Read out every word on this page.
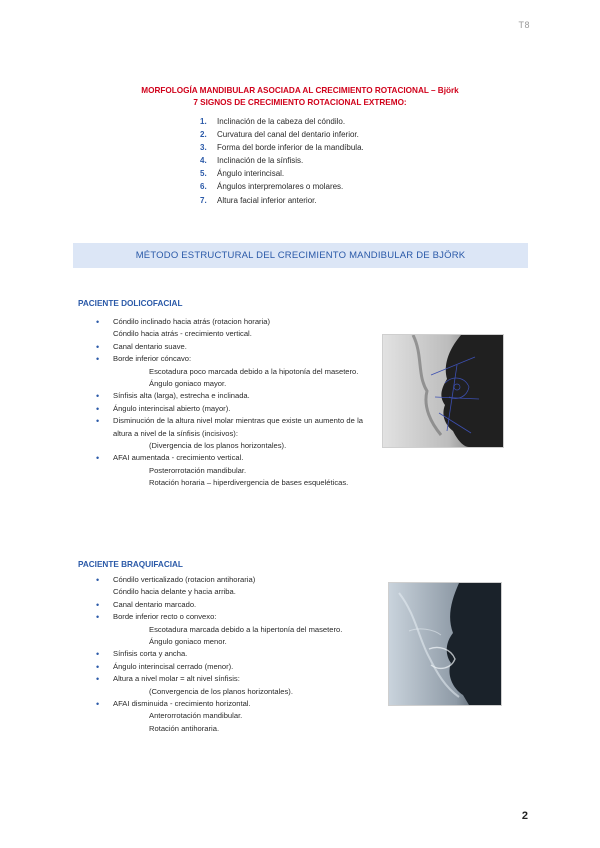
T8
MORFOLOGÍA MANDIBULAR ASOCIADA AL CRECIMIENTO ROTACIONAL – Björk
7 SIGNOS DE CRECIMIENTO ROTACIONAL EXTREMO:
1. Inclinación de la cabeza del cóndilo.
2. Curvatura del canal del dentario inferior.
3. Forma del borde inferior de la mandíbula.
4. Inclinación de la sínfisis.
5. Ángulo interincisal.
6. Ángulos interpremolares o molares.
7. Altura facial inferior anterior.
MÉTODO ESTRUCTURAL DEL CRECIMIENTO MANDIBULAR DE BJÖRK
PACIENTE DOLICOFACIAL
• Cóndilo inclinado hacia atrás (rotacion horaria)
Cóndilo hacia atrás - crecimiento vertical.
• Canal dentario suave.
• Borde inferior cóncavo:
Escotadura poco marcada debido a la hipotonía del masetero.
Ángulo goniaco mayor.
• Sínfisis alta (larga), estrecha e inclinada.
• Ángulo interincisal abierto (mayor).
• Disminución de la altura nivel molar mientras que existe un aumento de la altura a nivel de la sínfisis (incisivos):
(Divergencia de los planos horizontales).
• AFAI aumentada - crecimiento vertical.
Posterorrotación mandibular.
Rotación horaria – hiperdivergencia de bases esqueléticas.
PACIENTE BRAQUIFACIAL
• Cóndilo verticalizado (rotacion antihoraria)
Cóndilo hacia delante y hacia arriba.
• Canal dentario marcado.
• Borde inferior recto o convexo:
Escotadura marcada debido a la hipertonía del masetero.
Ángulo goniaco menor.
• Sínfisis corta y ancha.
• Ángulo interincisal cerrado (menor).
• Altura a nivel molar = alt nivel sínfisis:
(Convergencia de los planos horizontales).
• AFAI disminuida - crecimiento horizontal.
Anterorrotación mandibular.
Rotación antihoraria.
2
